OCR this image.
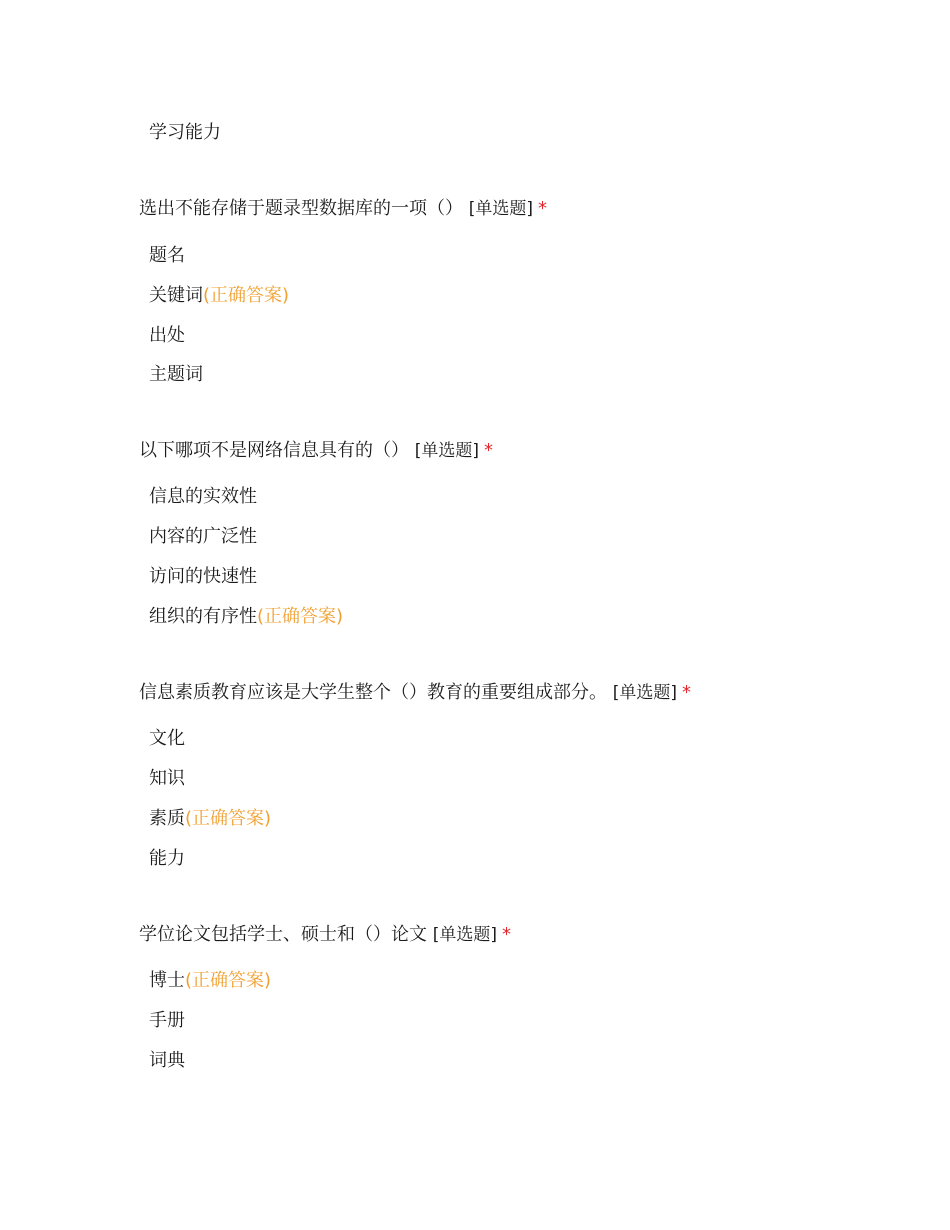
学习能力
选出不能存储于题录型数据库的一项（） [单选题] *
题名
关键词(正确答案)
出处
主题词
以下哪项不是网络信息具有的（） [单选题] *
信息的实效性
内容的广泛性
访问的快速性
组织的有序性(正确答案)
信息素质教育应该是大学生整个（）教育的重要组成部分。 [单选题] *
文化
知识
素质(正确答案)
能力
学位论文包括学士、硕士和（）论文 [单选题] *
博士(正确答案)
手册
词典
